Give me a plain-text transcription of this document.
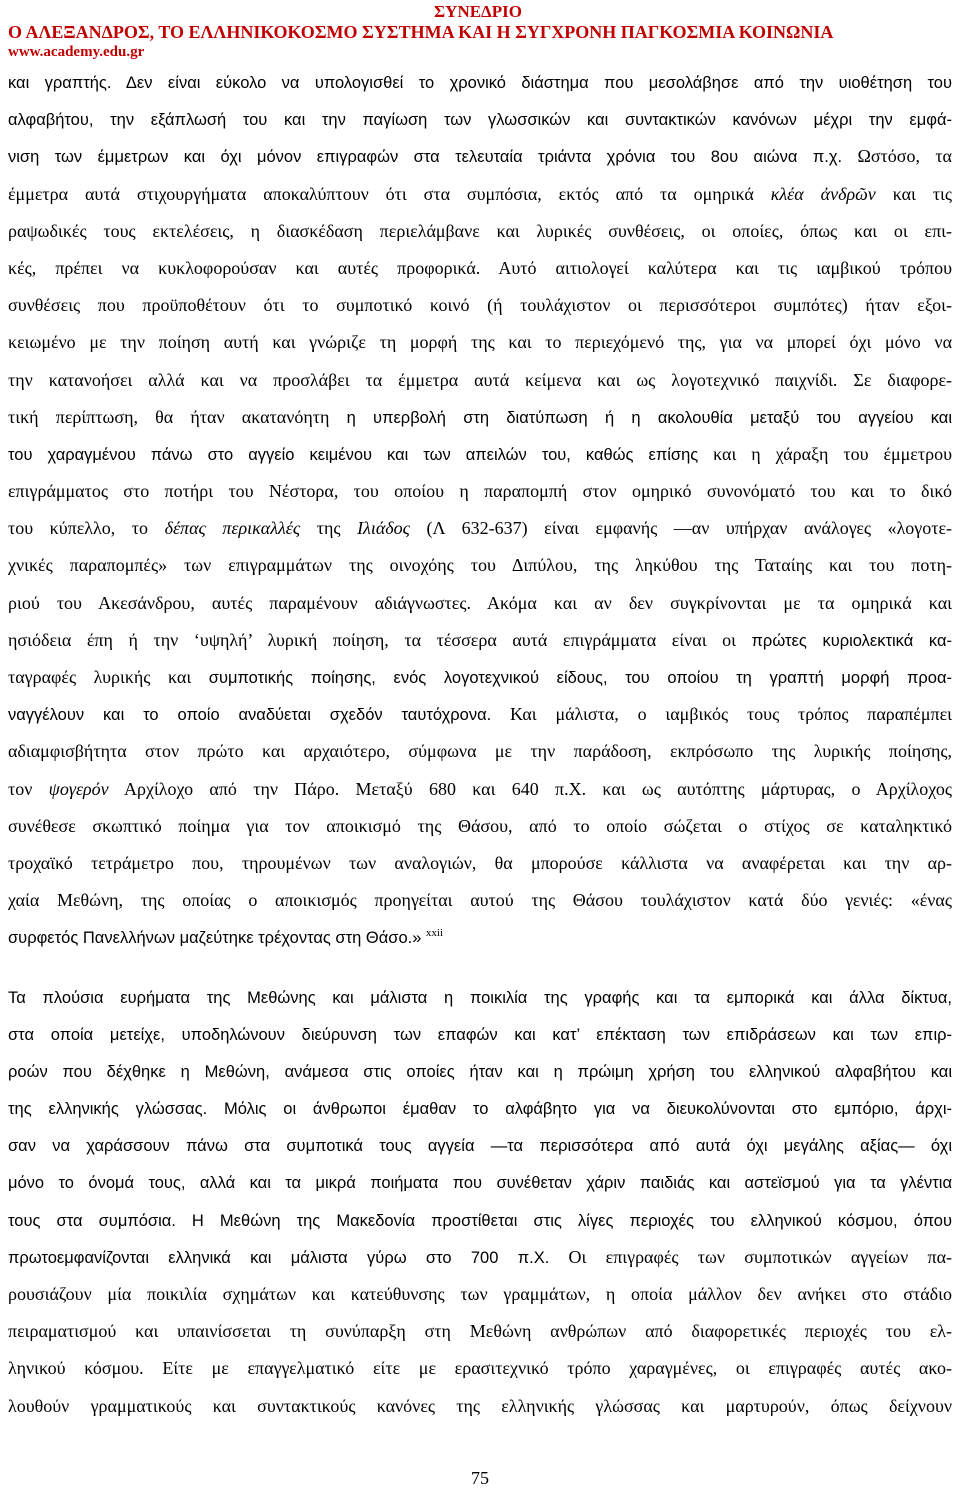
ΣΥΝΕΔΡΙΟ
Ο ΑΛΕΞΑΝΔΡΟΣ, ΤΟ ΕΛΛΗΝΙΚΟΚΟΣΜΟ ΣΥΣΤΗΜΑ ΚΑΙ Η ΣΥΓΧΡΟΝΗ ΠΑΓΚΟΣΜΙΑ ΚΟΙΝΩΝΙΑ
www.academy.edu.gr
και γραπτής. Δεν είναι εύκολο να υπολογισθεί το χρονικό διάστημα που μεσολάβησε από την υιοθέτηση του
αλφαβήτου, την εξάπλωσή του και την παγίωση των γλωσσικών και συντακτικών κανόνων μέχρι την εμφά-
νιση των έμμετρων και όχι μόνον επιγραφών στα τελευταία τριάντα χρόνια του 8ου αιώνα π.χ. Ωστόσο, τα
έμμετρα αυτά στιχουργήματα αποκαλύπτουν ότι στα συμπόσια, εκτός από τα ομηρικά κλέα ἀνδρῶν και τις
ραψωδικές τους εκτελέσεις, η διασκέδαση περιελάμβανε και λυρικές συνθέσεις, οι οποίες, όπως και οι επι-
κές, πρέπει να κυκλοφορούσαν και αυτές προφορικά. Αυτό αιτιολογεί καλύτερα και τις ιαμβικού τρόπου
συνθέσεις που προϋποθέτουν ότι το συμποτικό κοινό (ή τουλάχιστον οι περισσότεροι συμπότες) ήταν εξοι-
κειωμένο με την ποίηση αυτή και γνώριζε τη μορφή της και το περιεχόμενό της, για να μπορεί όχι μόνο να
την κατανοήσει αλλά και να προσλάβει τα έμμετρα αυτά κείμενα και ως λογοτεχνικό παιχνίδι. Σε διαφορε-
τική περίπτωση, θα ήταν ακατανόητη η υπερβολή στη διατύπωση ή η ακολουθία μεταξύ του αγγείου και
του χαραγμένου πάνω στο αγγείο κειμένου και των απειλών του, καθώς επίσης και η χάραξη του έμμετρου
επιγράμματος στο ποτήρι του Νέστορα, του οποίου η παραπομπή στον ομηρικό συνονόματό του και το δικό
του κύπελλο, το δέπας περικαλλές της Ιλιάδος (Λ 632-637) είναι εμφανής —αν υπήρχαν ανάλογες «λογοτε-
χνικές παραπομπές» των επιγραμμάτων της οινοχόης του Διπύλου, της ληκύθου της Ταταίης και του ποτη-
ριού του Ακεσάνδρου, αυτές παραμένουν αδιάγνωστες. Ακόμα και αν δεν συγκρίνονται με τα ομηρικά και
ησιόδεια έπη ή την ‘υψηλή’ λυρική ποίηση, τα τέσσερα αυτά επιγράμματα είναι οι πρώτες κυριολεκτικά κα-
ταγραφές λυρικής και συμποτικής ποίησης, ενός λογοτεχνικού είδους, του οποίου τη γραπτή μορφή προα-
ναγγέλουν και το οποίο αναδύεται σχεδόν ταυτόχρονα. Και μάλιστα, ο ιαμβικός τους τρόπος παραπέμπει
αδιαμφισβήτητα στον πρώτο και αρχαιότερο, σύμφωνα με την παράδοση, εκπρόσωπο της λυρικής ποίησης,
τον ψογερόν Αρχίλοχο από την Πάρο. Μεταξύ 680 και 640 π.Χ. και ως αυτόπτης μάρτυρας, ο Αρχίλοχος
συνέθεσε σκωπτικό ποίημα για τον αποικισμό της Θάσου, από το οποίο σώζεται ο στίχος σε καταληκτικό
τροχαϊκό τετράμετρο που, τηρουμένων των αναλογιών, θα μπορούσε κάλλιστα να αναφέρεται και την αρ-
χαία Μεθώνη, της οποίας ο αποικισμός προηγείται αυτού της Θάσου τουλάχιστον κατά δύο γενιές: «ένας
συρφετός Πανελλήνων μαζεύτηκε τρέχοντας στη Θάσο.» $^{xxii}$
Τα πλούσια ευρήματα της Μεθώνης και μάλιστα η ποικιλία της γραφής και τα εμπορικά και άλλα δίκτυα,
στα οποία μετείχε, υποδηλώνουν διεύρυνση των επαφών και κατ’ επέκταση των επιδράσεων και των επιρ-
ροών που δέχθηκε η Μεθώνη, ανάμεσα στις οποίες ήταν και η πρώιμη χρήση του ελληνικού αλφαβήτου και
της ελληνικής γλώσσας. Μόλις οι άνθρωποι έμαθαν το αλφάβητο για να διευκολύνονται στο εμπόριο, άρχι-
σαν να χαράσσουν πάνω στα συμποτικά τους αγγεία —τα περισσότερα από αυτά όχι μεγάλης αξίας— όχι
μόνο το όνομά τους, αλλά και τα μικρά ποιήματα που συνέθεταν χάριν παιδιάς και αστεϊσμού για τα γλέντια
τους στα συμπόσια. Η Μεθώνη της Μακεδονία προστίθεται στις λίγες περιοχές του ελληνικού κόσμου, όπου
πρωτοεμφανίζονται ελληνικά και μάλιστα γύρω στο 700 π.Χ. Οι επιγραφές των συμποτικών αγγείων πα-
ρουσιάζουν μία ποικιλία σχημάτων και κατεύθυνσης των γραμμάτων, η οποία μάλλον δεν ανήκει στο στάδιο
πειραματισμού και υπαινίσσεται τη συνύπαρξη στη Μεθώνη ανθρώπων από διαφορετικές περιοχές του ελ-
ληνικού κόσμου. Είτε με επαγγελματικό είτε με ερασιτεχνικό τρόπο χαραγμένες, οι επιγραφές αυτές ακο-
λουθούν γραμματικούς και συντακτικούς κανόνες της ελληνικής γλώσσας και μαρτυρούν, όπως δείχνουν
75
